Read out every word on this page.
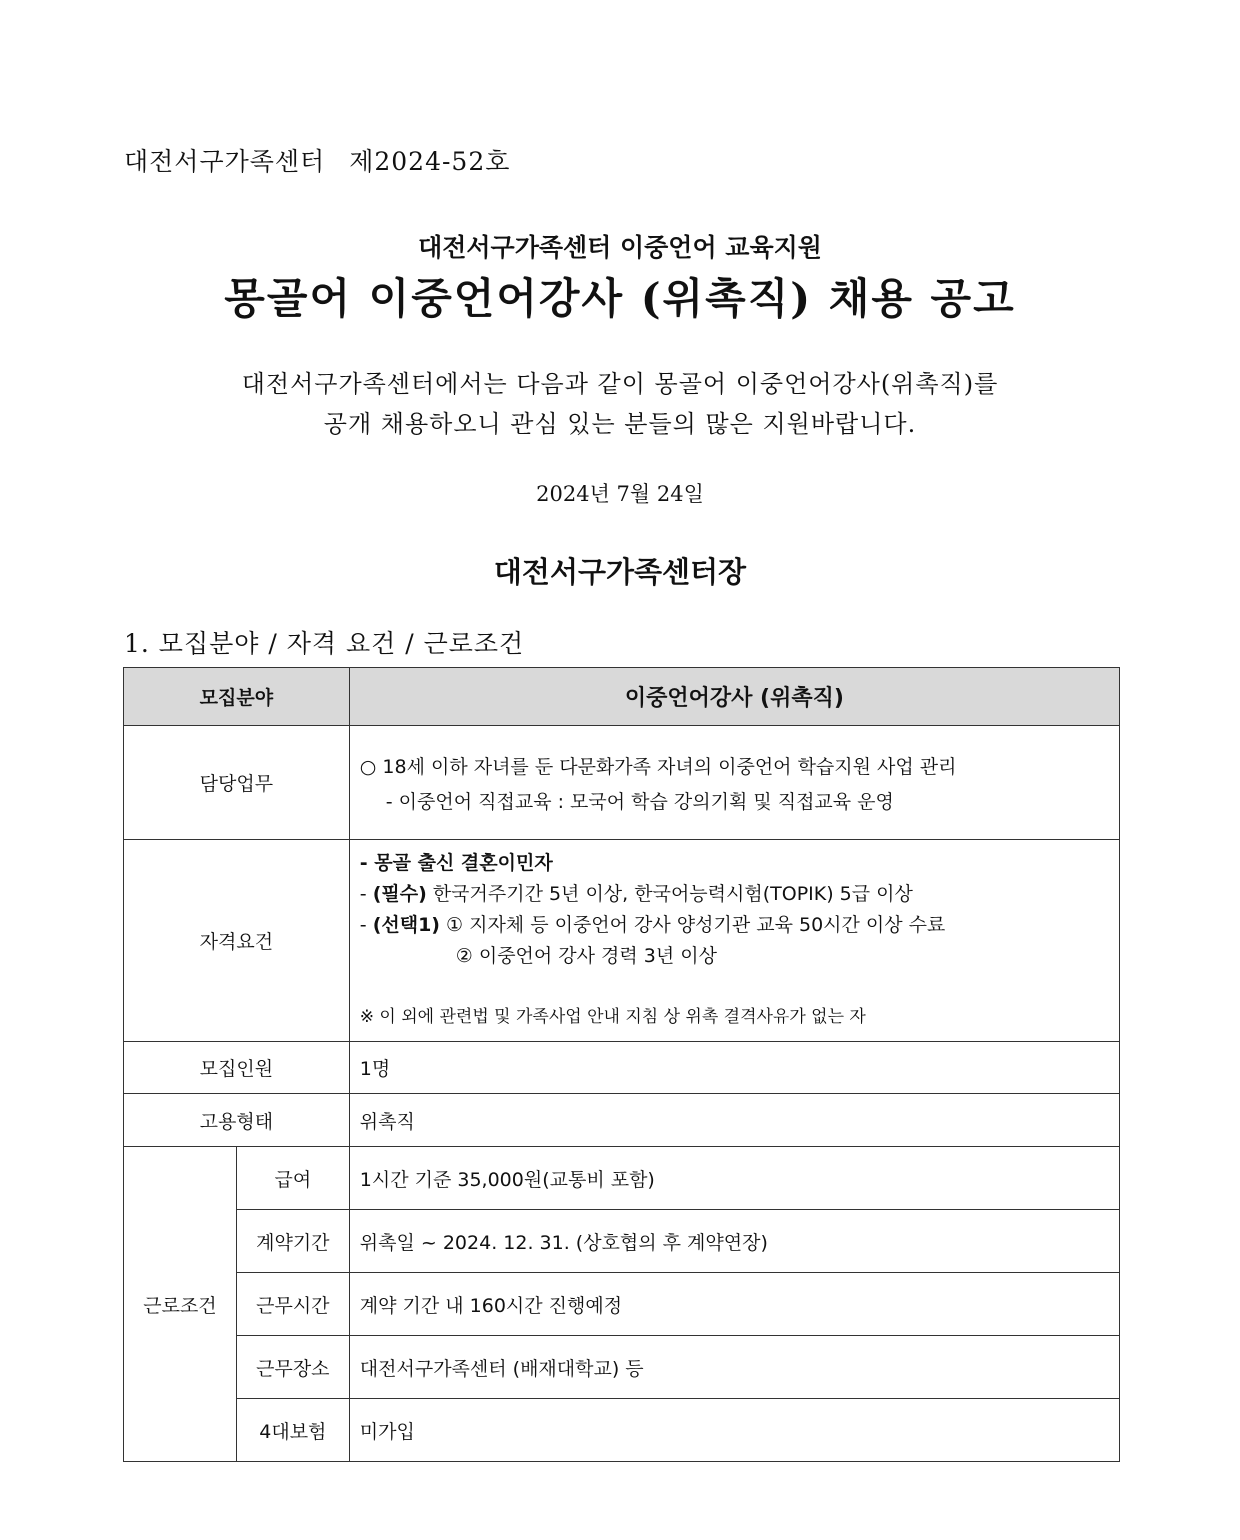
대전서구가족센터 제2024-52호
대전서구가족센터 이중언어 교육지원
몽골어 이중언어강사 (위촉직) 채용 공고
대전서구가족센터에서는 다음과 같이 몽골어 이중언어강사(위촉직)를
공개 채용하오니 관심 있는 분들의 많은 지원바랍니다.
2024년 7월 24일
대전서구가족센터장
1. 모집분야 / 자격 요건 / 근로조건
모집분야		이중언어강사 (위촉직)
담당업무		○ 18세 이하 자녀를 둔 다문화가족 자녀의 이중언어 학습지원 사업 관리
- 이중언어 직접교육 : 모국어 학습 강의기획 및 직접교육 운영

자격요건		- 몽골 출신 결혼이민자
- (필수) 한국거주기간 5년 이상, 한국어능력시험(TOPIK) 5급 이상
- (선택1) ① 지자체 등 이중언어 강사 양성기관 교육 50시간 이상 수료
② 이중언어 강사 경력 3년 이상
※ 이 외에 관련법 및 가족사업 안내 지침 상 위촉 결격사유가 없는 자

모집인원		1명
고용형태		위촉직
근로조건	급여	1시간 기준 35,000원(교통비 포함)
	계약기간	위촉일 ~ 2024. 12. 31. (상호협의 후 계약연장)
	근무시간	계약 기간 내 160시간 진행예정
	근무장소	대전서구가족센터 (배재대학교) 등
	4대보험	미가입
